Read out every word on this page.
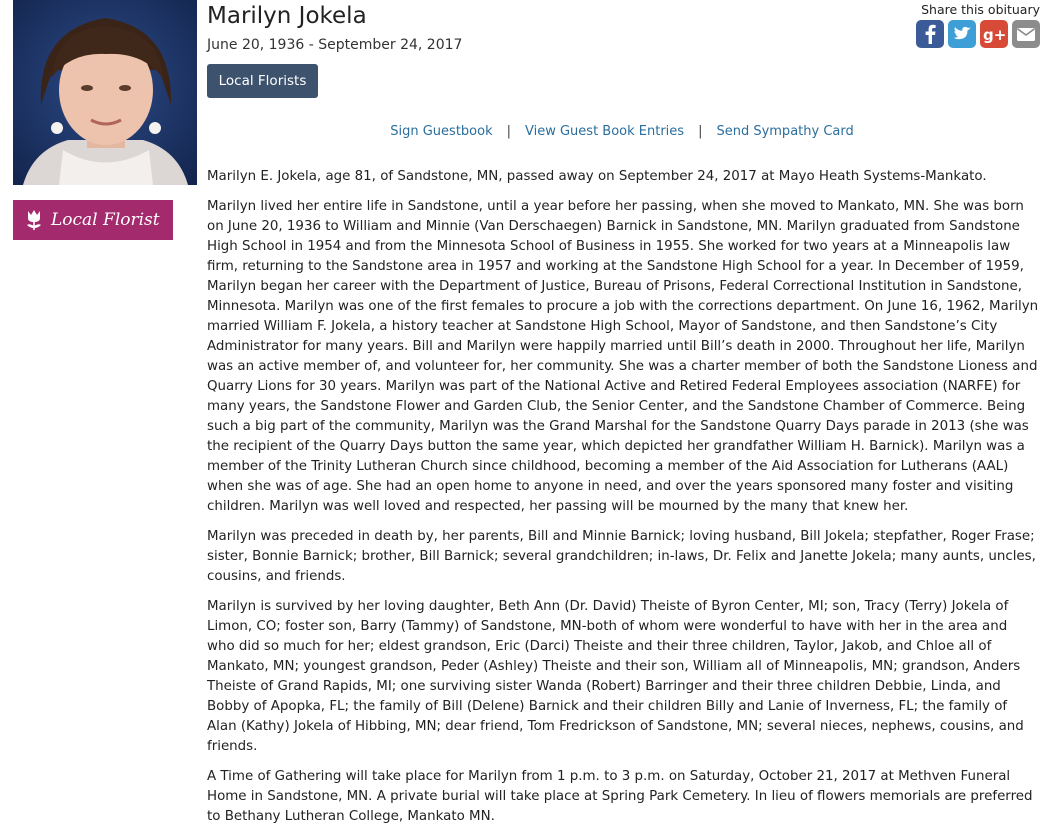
Local Florist
Marilyn Jokela
June 20, 1936 - September 24, 2017
Local Florists
Share this obituary
g+
Sign Guestbook | View Guest Book Entries | Send Sympathy Card

Marilyn E. Jokela, age 81, of Sandstone, MN, passed away on September 24, 2017 at Mayo Heath Systems-Mankato.

Marilyn lived her entire life in Sandstone, until a year before her passing, when she moved to Mankato, MN. She was born on June 20, 1936 to William and Minnie (Van Derschaegen) Barnick in Sandstone, MN. Marilyn graduated from Sandstone High School in 1954 and from the Minnesota School of Business in 1955. She worked for two years at a Minneapolis law firm, returning to the Sandstone area in 1957 and working at the Sandstone High School for a year. In December of 1959, Marilyn began her career with the Department of Justice, Bureau of Prisons, Federal Correctional Institution in Sandstone, Minnesota. Marilyn was one of the first females to procure a job with the corrections department. On June 16, 1962, Marilyn married William F. Jokela, a history teacher at Sandstone High School, Mayor of Sandstone, and then Sandstone’s City Administrator for many years. Bill and Marilyn were happily married until Bill’s death in 2000. Throughout her life, Marilyn was an active member of, and volunteer for, her community. She was a charter member of both the Sandstone Lioness and Quarry Lions for 30 years. Marilyn was part of the National Active and Retired Federal Employees association (NARFE) for many years, the Sandstone Flower and Garden Club, the Senior Center, and the Sandstone Chamber of Commerce. Being such a big part of the community, Marilyn was the Grand Marshal for the Sandstone Quarry Days parade in 2013 (she was the recipient of the Quarry Days button the same year, which depicted her grandfather William H. Barnick). Marilyn was a member of the Trinity Lutheran Church since childhood, becoming a member of the Aid Association for Lutherans (AAL) when she was of age. She had an open home to anyone in need, and over the years sponsored many foster and visiting children. Marilyn was well loved and respected, her passing will be mourned by the many that knew her.

Marilyn was preceded in death by, her parents, Bill and Minnie Barnick; loving husband, Bill Jokela; stepfather, Roger Frase; sister, Bonnie Barnick; brother, Bill Barnick; several grandchildren; in-laws, Dr. Felix and Janette Jokela; many aunts, uncles, cousins, and friends.

Marilyn is survived by her loving daughter, Beth Ann (Dr. David) Theiste of Byron Center, MI; son, Tracy (Terry) Jokela of Limon, CO; foster son, Barry (Tammy) of Sandstone, MN-both of whom were wonderful to have with her in the area and who did so much for her; eldest grandson, Eric (Darci) Theiste and their three children, Taylor, Jakob, and Chloe all of Mankato, MN; youngest grandson, Peder (Ashley) Theiste and their son, William all of Minneapolis, MN; grandson, Anders Theiste of Grand Rapids, MI; one surviving sister Wanda (Robert) Barringer and their three children Debbie, Linda, and Bobby of Apopka, FL; the family of Bill (Delene) Barnick and their children Billy and Lanie of Inverness, FL; the family of Alan (Kathy) Jokela of Hibbing, MN; dear friend, Tom Fredrickson of Sandstone, MN; several nieces, nephews, cousins, and friends.

A Time of Gathering will take place for Marilyn from 1 p.m. to 3 p.m. on Saturday, October 21, 2017 at Methven Funeral Home in Sandstone, MN. A private burial will take place at Spring Park Cemetery. In lieu of flowers memorials are preferred to Bethany Lutheran College, Mankato MN.
